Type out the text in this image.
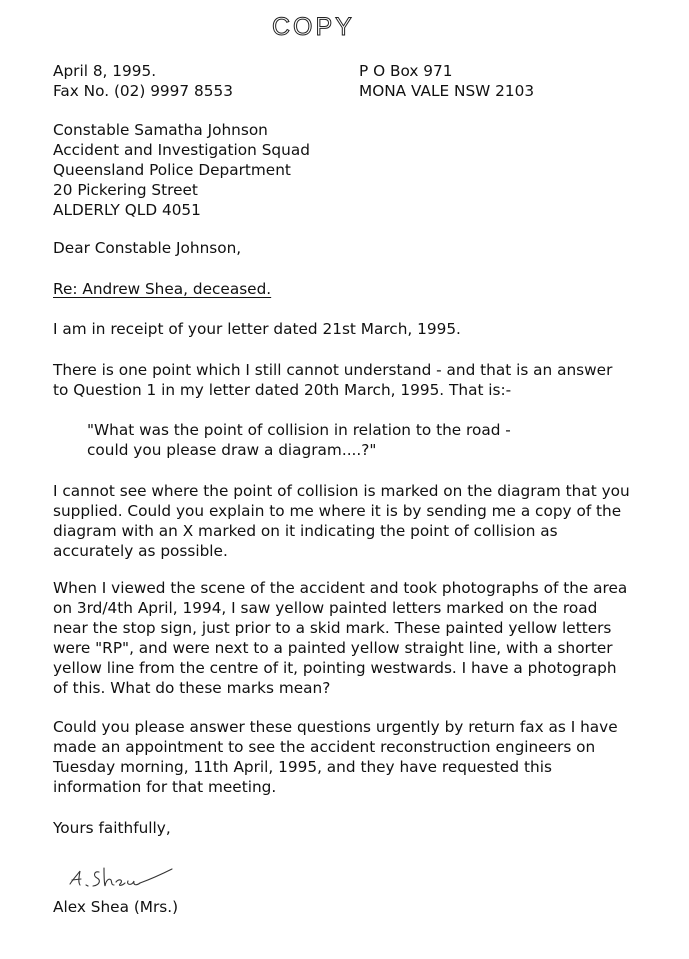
COPY
April 8, 1995.
Fax No. (02) 9997 8553
P O Box 971
MONA VALE NSW 2103
Constable Samatha Johnson
Accident and Investigation Squad
Queensland Police Department
20 Pickering Street
ALDERLY QLD 4051
Dear Constable Johnson,
Re: Andrew Shea, deceased.
I am in receipt of your letter dated 21st March, 1995.
There is one point which I still cannot understand - and that is an answer
to Question 1 in my letter dated 20th March, 1995. That is:-
"What was the point of collision in relation to the road -
could you please draw a diagram....?"
I cannot see where the point of collision is marked on the diagram that you
supplied. Could you explain to me where it is by sending me a copy of the
diagram with an X marked on it indicating the point of collision as
accurately as possible.
When I viewed the scene of the accident and took photographs of the area
on 3rd/4th April, 1994, I saw yellow painted letters marked on the road
near the stop sign, just prior to a skid mark. These painted yellow letters
were "RP", and were next to a painted yellow straight line, with a shorter
yellow line from the centre of it, pointing westwards. I have a photograph
of this. What do these marks mean?
Could you please answer these questions urgently by return fax as I have
made an appointment to see the accident reconstruction engineers on
Tuesday morning, 11th April, 1995, and they have requested this
information for that meeting.
Yours faithfully,
Alex Shea (Mrs.)
